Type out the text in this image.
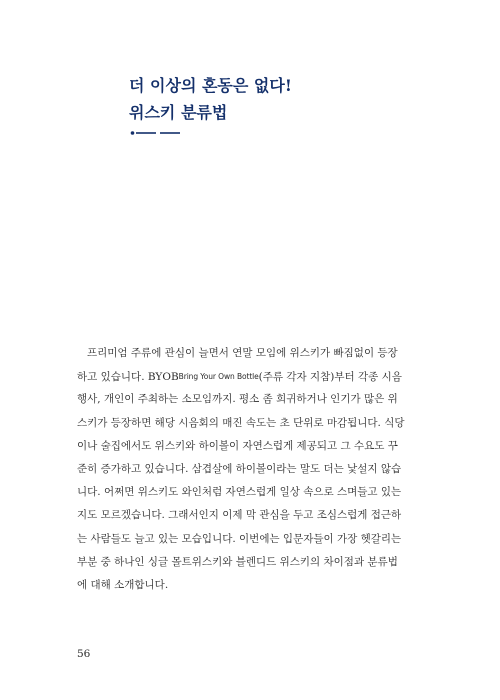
더 이상의 혼동은 없다!
위스키 분류법
프리미엄 주류에 관심이 늘면서 연말 모임에 위스키가 빠짐없이 등장
하고 있습니다. BYOBBring Your Own Bottle(주류 각자 지참)부터 각종 시음
행사, 개인이 주최하는 소모임까지. 평소 좀 희귀하거나 인기가 많은 위
스키가 등장하면 해당 시음회의 매진 속도는 초 단위로 마감됩니다. 식당
이나 술집에서도 위스키와 하이볼이 자연스럽게 제공되고 그 수요도 꾸
준히 증가하고 있습니다. 삼겹살에 하이볼이라는 말도 더는 낯설지 않습
니다. 어쩌면 위스키도 와인처럼 자연스럽게 일상 속으로 스며들고 있는
지도 모르겠습니다. 그래서인지 이제 막 관심을 두고 조심스럽게 접근하
는 사람들도 늘고 있는 모습입니다. 이번에는 입문자들이 가장 헷갈리는
부분 중 하나인 싱글 몰트위스키와 블렌디드 위스키의 차이점과 분류법
에 대해 소개합니다.
56
